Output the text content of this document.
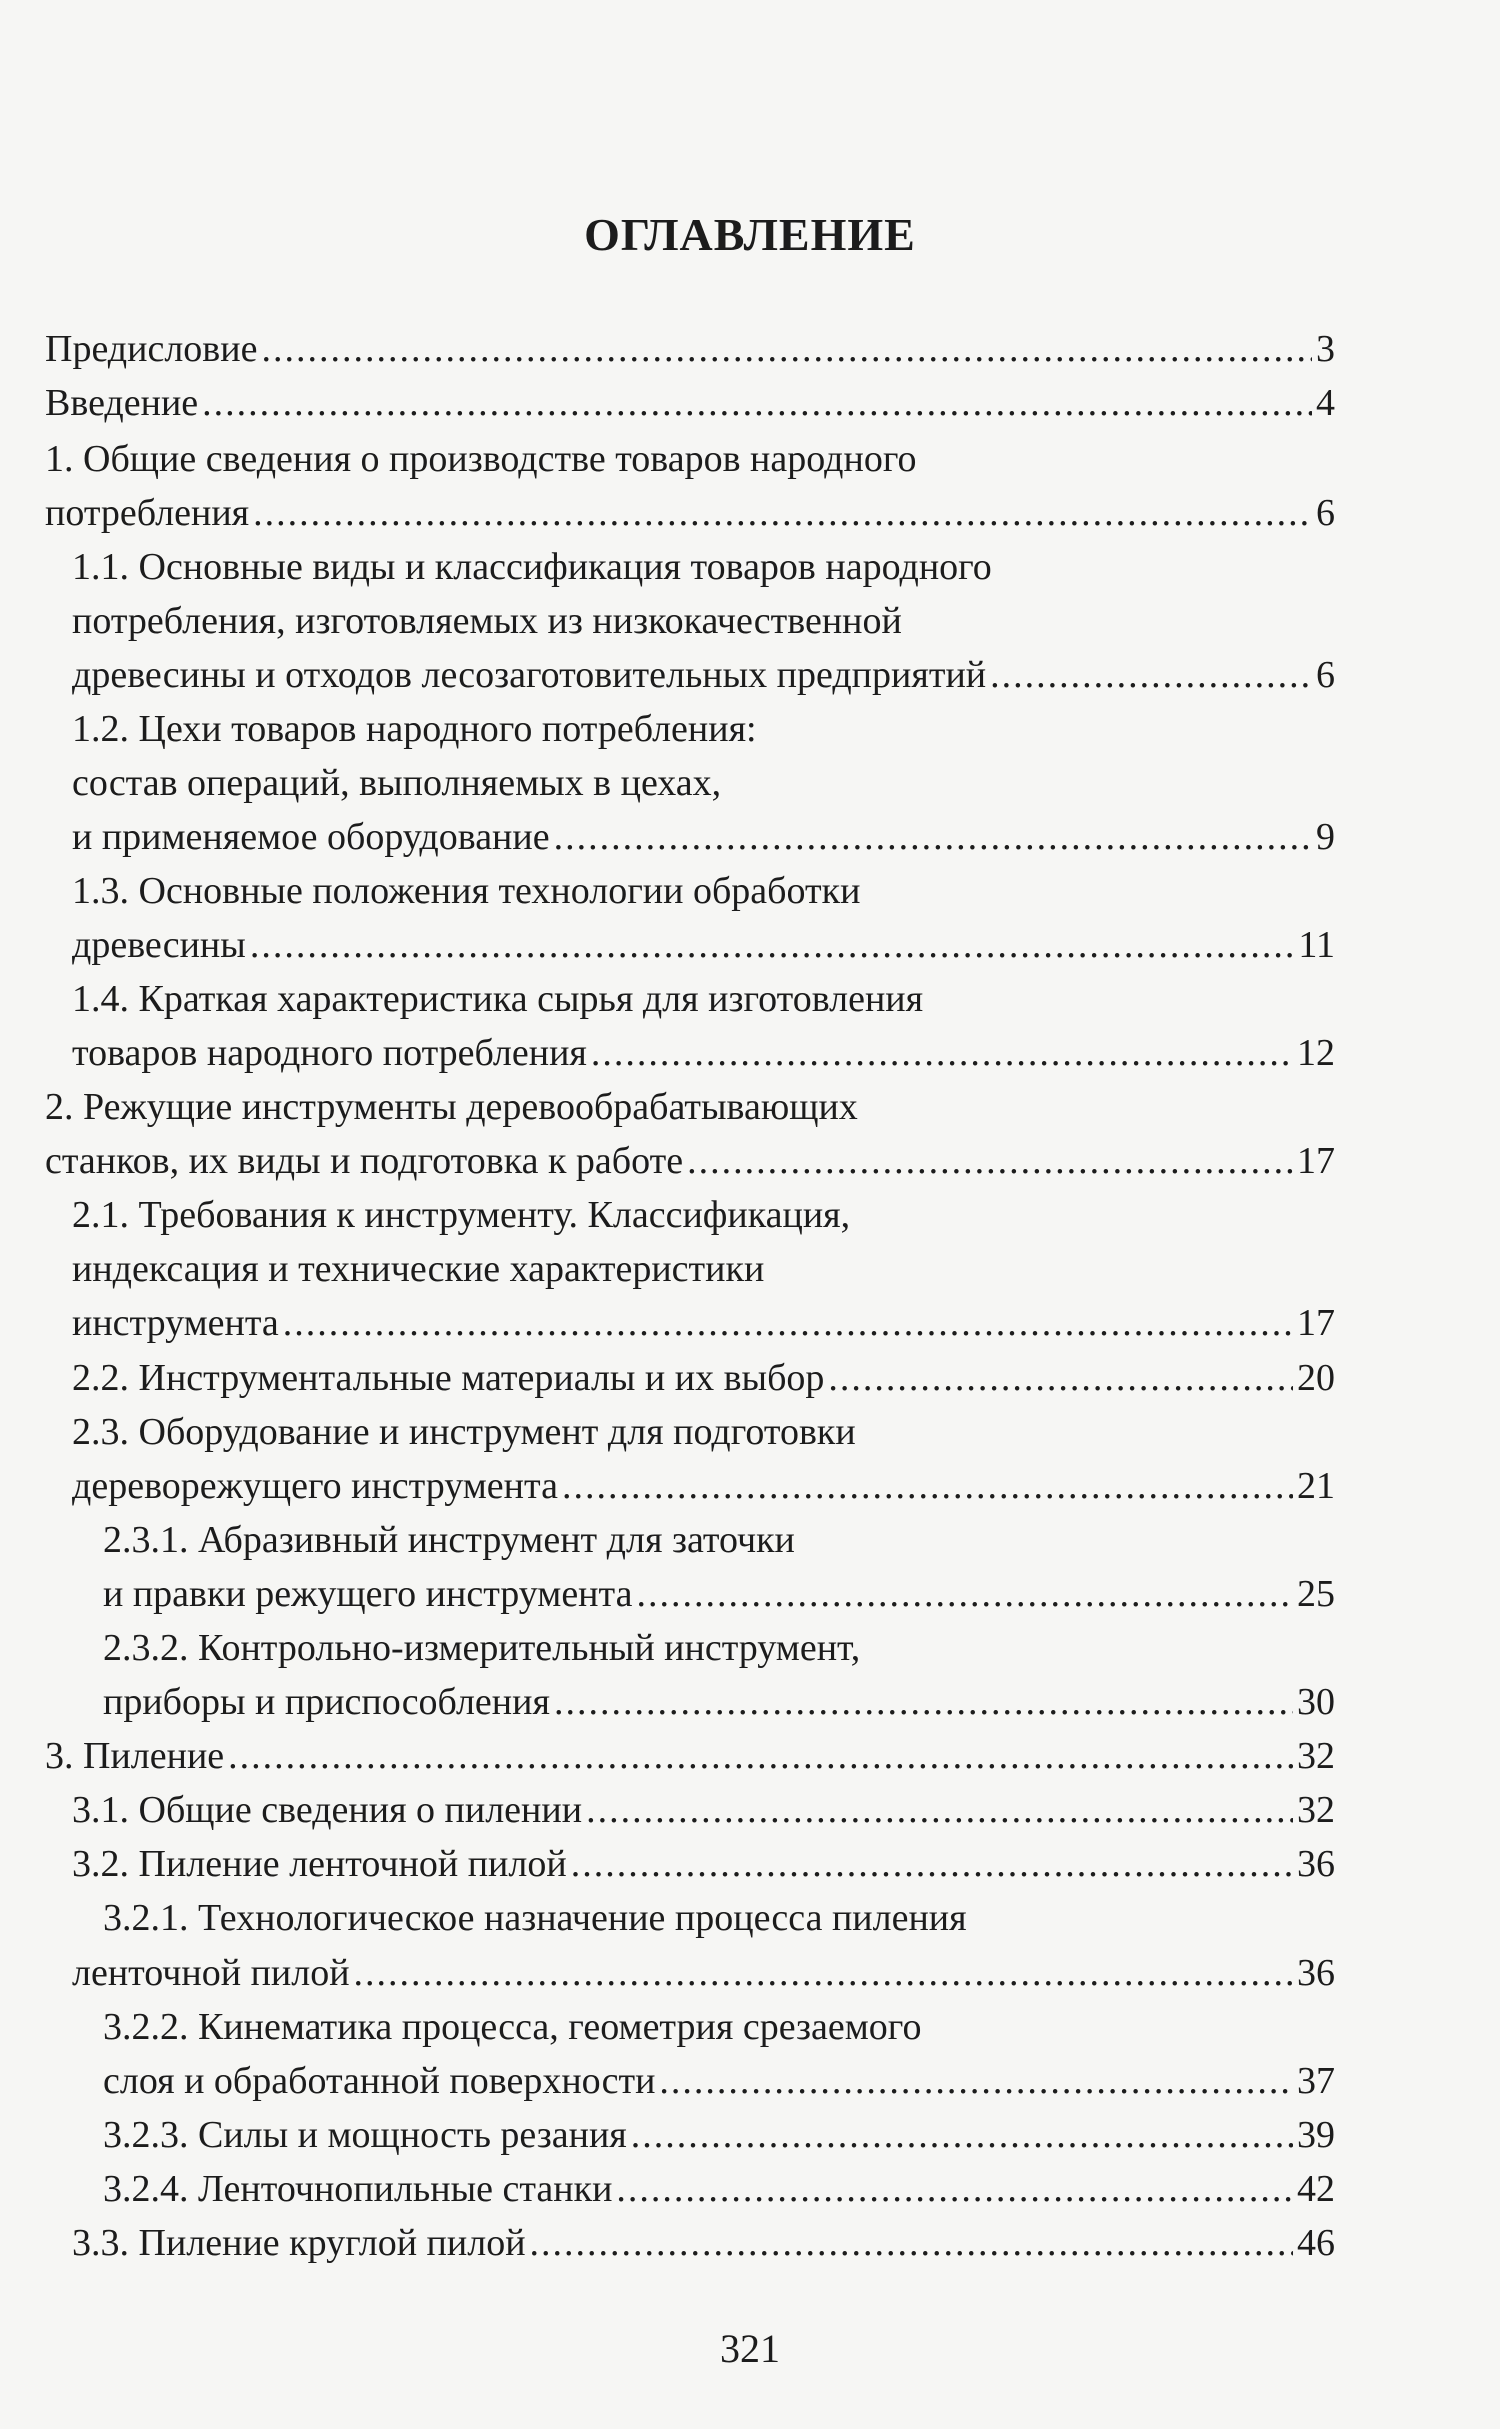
ОГЛАВЛЕНИЕ
Предисловие .....	3
Введение .....	4
1. Общие сведения о производстве товаров народного
потребления .....	6
1.1. Основные виды и классификация товаров народного
потребления, изготовляемых из низкокачественной
древесины и отходов лесозаготовительных предприятий .....	6
1.2. Цехи товаров народного потребления:
состав операций, выполняемых в цехах,
и применяемое оборудование .....	9
1.3. Основные положения технологии обработки
древесины .....	11
1.4. Краткая характеристика сырья для изготовления
товаров народного потребления .....	12
2. Режущие инструменты деревообрабатывающих
станков, их виды и подготовка к работе .....	17
2.1. Требования к инструменту. Классификация,
индексация и технические характеристики
инструмента .....	17
2.2. Инструментальные материалы и их выбор .....	20
2.3. Оборудование и инструмент для подготовки
дереворежущего инструмента .....	21
2.3.1. Абразивный инструмент для заточки
и правки режущего инструмента .....	25
2.3.2. Контрольно-измерительный инструмент,
приборы и приспособления .....	30
3. Пиление .....	32
3.1. Общие сведения о пилении .....	32
3.2. Пиление ленточной пилой .....	36
3.2.1. Технологическое назначение процесса пиления
ленточной пилой .....	36
3.2.2. Кинематика процесса, геометрия срезаемого
слоя и обработанной поверхности .....	37
3.2.3. Силы и мощность резания .....	39
3.2.4. Ленточнопильные станки .....	42
3.3. Пиление круглой пилой .....	46
321
